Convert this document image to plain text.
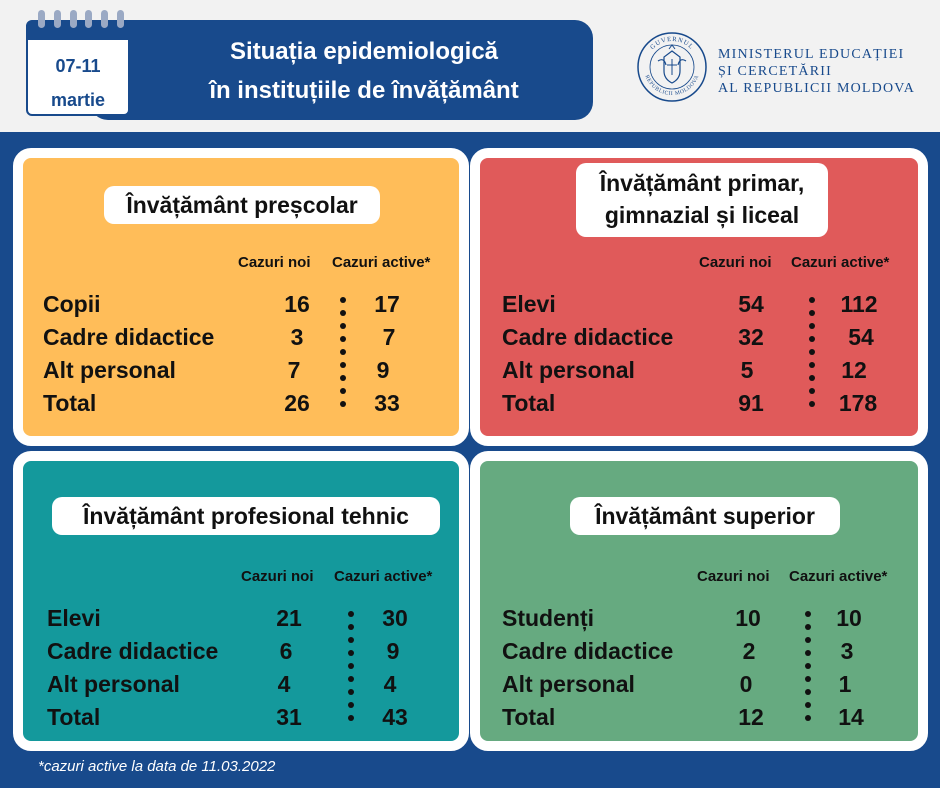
07-11
martie
Situația epidemiologică
în instituțiile de învățământ
GUVERNUL
REPUBLICII MOLDOVA
MINISTERUL EDUCAȚIEI
ȘI CERCETĂRII
AL REPUBLICII MOLDOVA
Învățământ preșcolar
Cazuri noi Cazuri active*
Copii
Cadre didactice
Alt personal
Total
16
3
7
26
17
7
9
33
Învățământ primar,
gimnazial și liceal
Cazuri noi Cazuri active*
Elevi
Cadre didactice
Alt personal
Total
54
32
5
91
112
54
12
178
Învățământ profesional tehnic
Cazuri noi Cazuri active*
Elevi
Cadre didactice
Alt personal
Total
21
6
4
31
30
9
4
43
Învățământ superior
Cazuri noi Cazuri active*
Studenți
Cadre didactice
Alt personal
Total
10
2
0
12
10
3
1
14
*cazuri active la data de 11.03.2022
